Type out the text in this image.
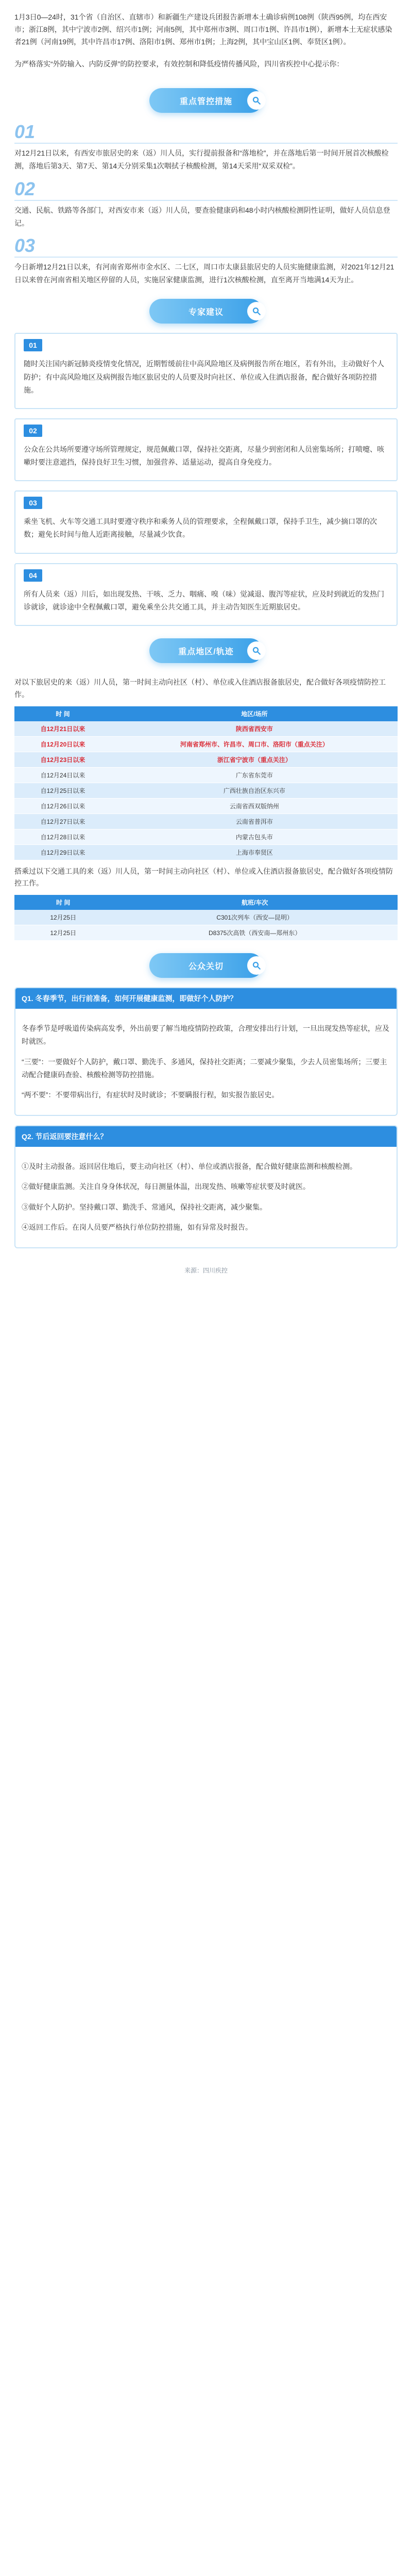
1月3日0—24时，31个省（自治区、直辖市）和新疆生产建设兵团报告新增本土确诊病例108例（陕西95例，均在西安市；浙江8例，其中宁波市2例、绍兴市1例；河南5例，其中郑州市3例、周口市1例、许昌市1例），新增本土无症状感染者21例（河南19例，其中许昌市17例、洛阳市1例、郑州市1例；上海2例，其中宝山区1例、奉贤区1例）。

为严格落实“外防输入、内防反弹”的防控要求，有效控制和降低疫情传播风险，四川省疾控中心提示你：

重点管控措施
01

对12月21日以来，有西安市旅居史的来（返）川人员，实行提前报备和“落地检”，并在落地后第一时间开展首次核酸检测，落地后第3天、第7天、第14天分别采集1次咽拭子核酸检测，第14天采用“双采双检”。

02

交通、民航、铁路等各部门，对西安市来（返）川人员，要查验健康码和48小时内核酸检测阴性证明，做好人员信息登记。

03

今日新增12月21日以来，有河南省郑州市金水区、二七区，周口市太康县旅居史的人员实施健康监测，对2021年12月21日以来曾在河南省相关地区停留的人员，实施居家健康监测，进行1次核酸检测，直至离开当地满14天为止。

专家建议
01

随时关注国内新冠肺炎疫情变化情况，近期暂缓前往中高风险地区及病例报告所在地区，若有外出，主动做好个人防护；有中高风险地区及病例报告地区旅居史的人员要及时向社区、单位或入住酒店报备，配合做好各项防控措施。

02

公众在公共场所要遵守场所管理规定，规范佩戴口罩，保持社交距离，尽量少到密闭和人员密集场所；打喷嚏、咳嗽时要注意遮挡，保持良好卫生习惯，加强营养、适量运动，提高自身免疫力。

03

乘坐飞机、火车等交通工具时要遵守秩序和乘务人员的管理要求，全程佩戴口罩，保持手卫生，减少摘口罩的次数；避免长时间与他人近距离接触，尽量减少饮食。

04

所有人员来（返）川后，如出现发热、干咳、乏力、咽痛、嗅（味）觉减退、腹泻等症状，应及时到就近的发热门诊就诊，就诊途中全程佩戴口罩，避免乘坐公共交通工具，并主动告知医生近期旅居史。

重点地区/轨迹

对以下旅居史的来（返）川人员，第一时间主动向社区（村）、单位或入住酒店报备旅居史，配合做好各项疫情防控工作。

时 间	地区/场所
自12月21日以来	陕西省西安市
自12月20日以来	河南省郑州市、许昌市、周口市、洛阳市（重点关注）
自12月23日以来	浙江省宁波市（重点关注）
自12月24日以来	广东省东莞市
自12月25日以来	广西壮族自治区东兴市
自12月26日以来	云南省西双版纳州
自12月27日以来	云南省普洱市
自12月28日以来	内蒙古包头市
自12月29日以来	上海市奉贤区

搭乘过以下交通工具的来（返）川人员，第一时间主动向社区（村）、单位或入住酒店报备旅居史，配合做好各项疫情防控工作。

时 间	航班/车次
12月25日	C301次列车（西安—昆明）
12月25日	D8375次高铁（西安南—郑州东）
公众关切
Q1. 冬春季节，出行前准备，如何开展健康监测，即做好个人防护？

冬春季节是呼吸道传染病高发季，外出前要了解当地疫情防控政策，合理安排出行计划，一旦出现发热等症状，应及时就医。

“三要”：一要做好个人防护，戴口罩、勤洗手、多通风，保持社交距离；二要减少聚集，少去人员密集场所；三要主动配合健康码查验、核酸检测等防控措施。

“两不要”：不要带病出行，有症状时及时就诊；不要瞒报行程，如实报告旅居史。

Q2. 节后返回要注意什么？

①及时主动报备。返回居住地后，要主动向社区（村）、单位或酒店报备，配合做好健康监测和核酸检测。

②做好健康监测。关注自身身体状况，每日测量体温，出现发热、咳嗽等症状要及时就医。

③做好个人防护。坚持戴口罩、勤洗手、常通风，保持社交距离，减少聚集。

④返回工作后。在岗人员要严格执行单位防控措施，如有异常及时报告。

来源：四川疾控
